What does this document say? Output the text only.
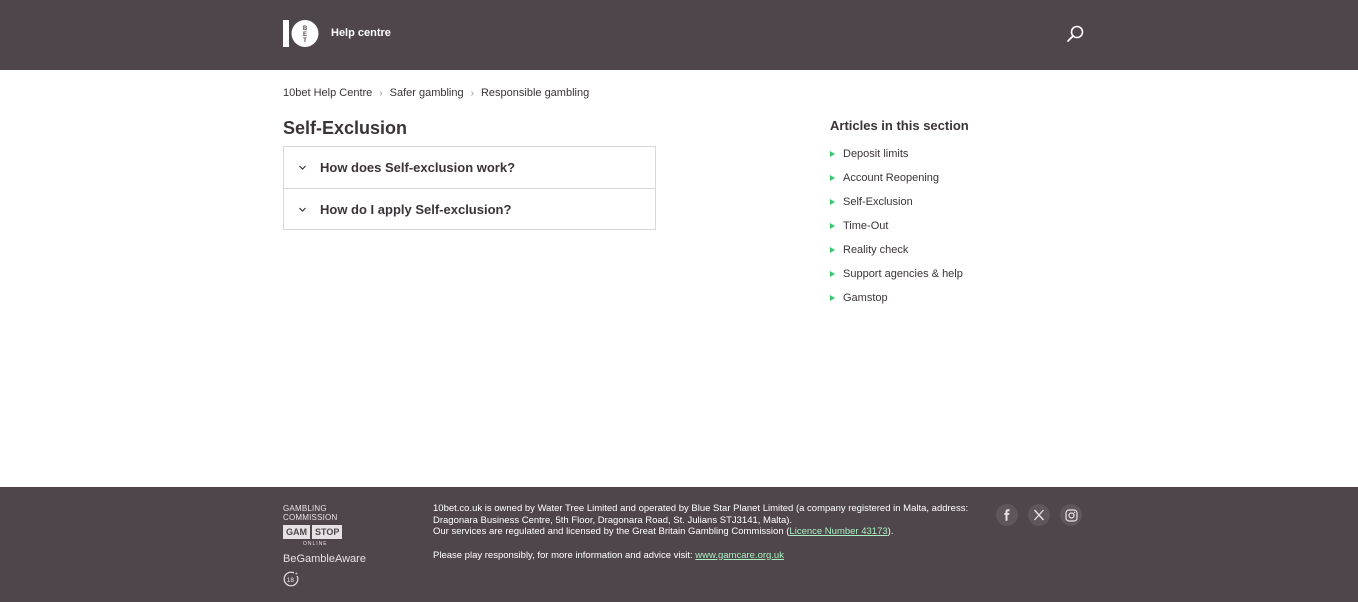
B
E
T
Help centre
10bet Help Centre › Safer gambling › Responsible gambling
Self-Exclusion
How does Self-exclusion work?
How do I apply Self-exclusion?
Articles in this section
Deposit limits
Account Reopening
Self-Exclusion
Time-Out
Reality check
Support agencies & help
Gamstop
GAMBLING
COMMISSION
GAM STOP
ONLINE
BeGambleAware
18
+

10bet.co.uk is owned by Water Tree Limited and operated by Blue Star Planet Limited (a company registered in Malta, address: Dragonara Business Centre, 5th Floor, Dragonara Road, St. Julians STJ3141, Malta).
Our services are regulated and licensed by the Great Britain Gambling Commission (Licence Number 43173).

Please play responsibly, for more information and advice visit: www.gamcare.org.uk
